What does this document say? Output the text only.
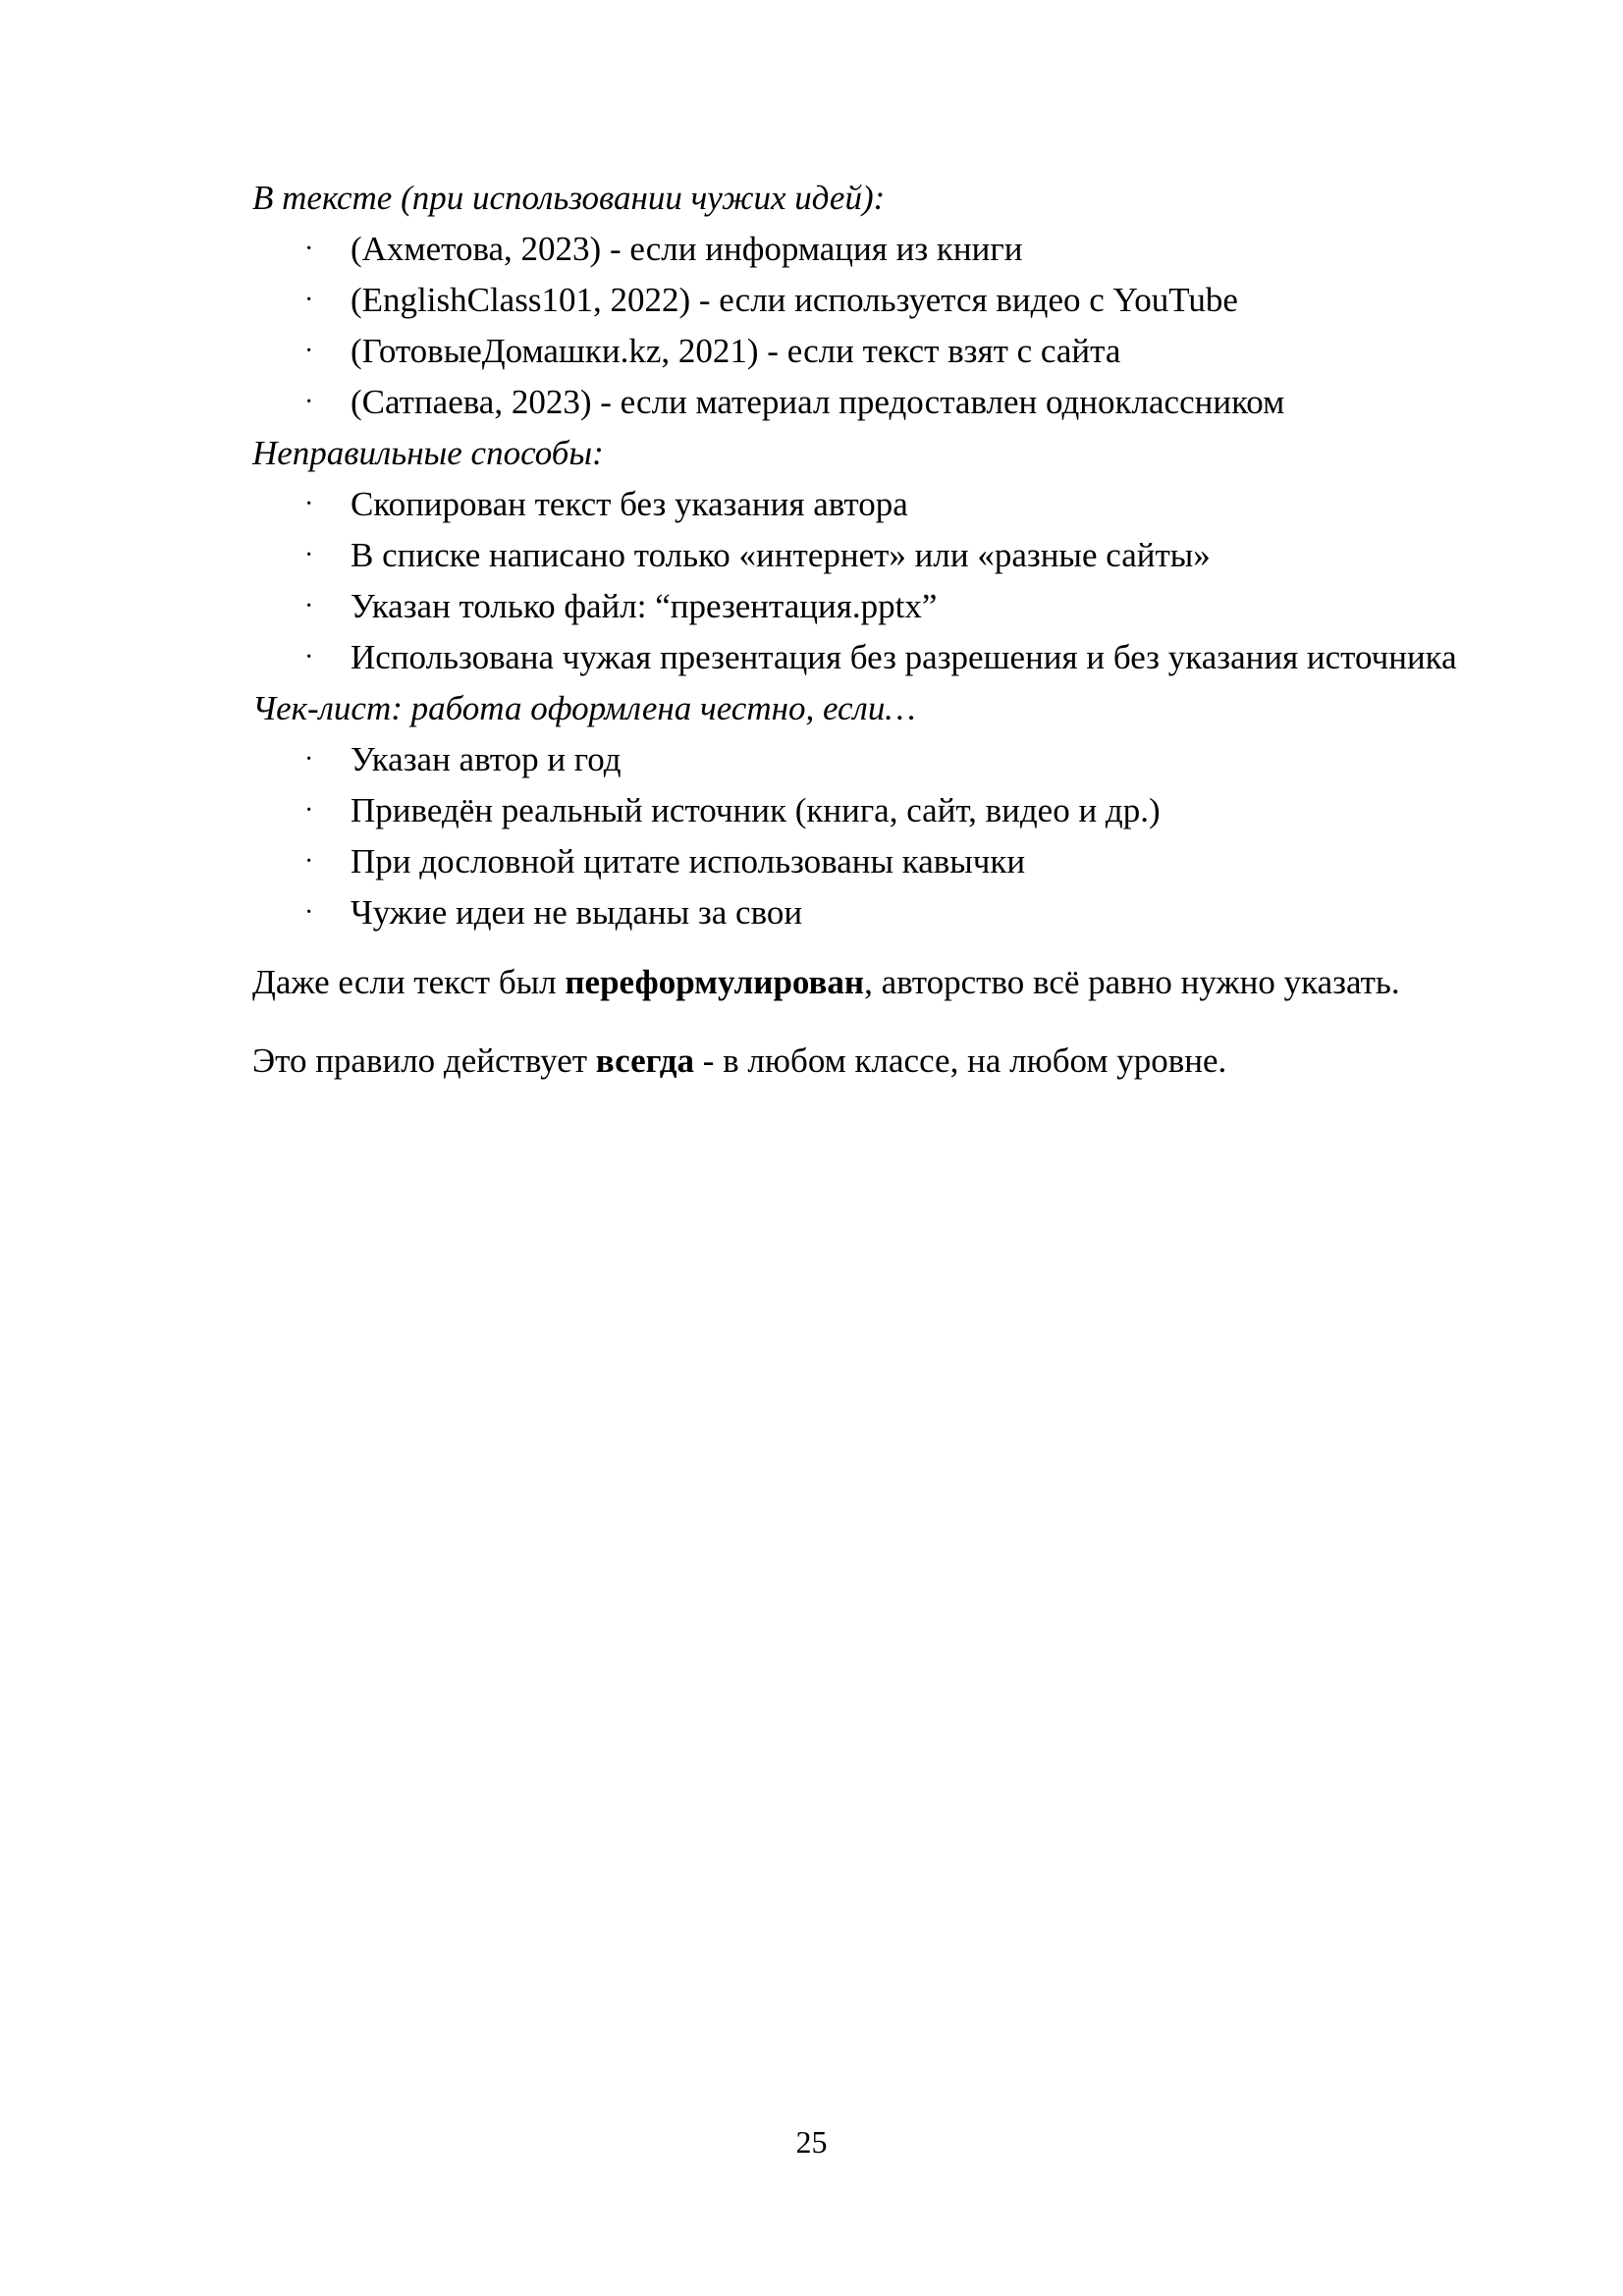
В тексте (при использовании чужих идей):

· (Ахметова, 2023) - если информация из книги
· (EnglishClass101, 2022) - если используется видео с YouTube
· (ГотовыеДомашки.kz, 2021) - если текст взят с сайта
· (Сатпаева, 2023) - если материал предоставлен одноклассником

Неправильные способы:

· Скопирован текст без указания автора
· В списке написано только «интернет» или «разные сайты»
· Указан только файл: “презентация.pptx”
· Использована чужая презентация без разрешения и без указания источника

Чек-лист: работа оформлена честно, если…

· Указан автор и год
· Приведён реальный источник (книга, сайт, видео и др.)
· При дословной цитате использованы кавычки
· Чужие идеи не выданы за свои

Даже если текст был переформулирован, авторство всё равно нужно указать.

Это правило действует всегда - в любом классе, на любом уровне.

25
